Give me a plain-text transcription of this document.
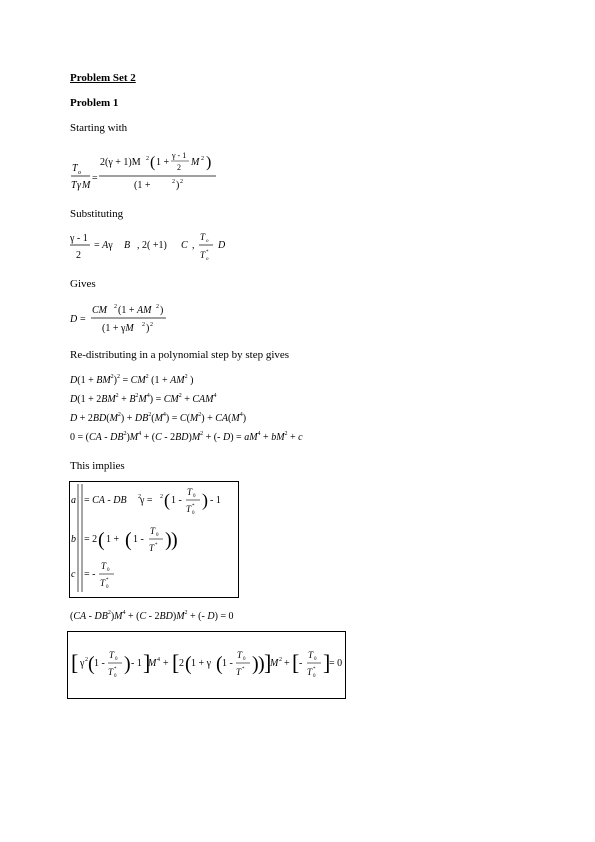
Problem Set 2
Problem 1
Starting with
T o
T γ M
=
2(γ + 1)M 2 ( 1 +
γ - 1
2 M 2 )
(1 +	2 ) 2
Substituting
γ - 1
2
= Aγ B , 2( +1) C ,
T o
T o
*
D
Gives
D =
CM 2 (1 + AM 2 )
(1 + γM 2 ) 2
Re-distributing in a polynomial step by step gives
$D(1 + BM^2)^2 = CM^2$ ($1 + AM^2$ )
$D(1 + 2BM^2 + B^2M^4) = CM^2 + CAM^4$
$D + 2BD(M^2) + DB^2(M^4) = C(M^2) + CA(M^4)$
$0 = (CA - DB^2)M^4 + (C - 2BD)M^2$ + (- $D) = aM^4 + bM^2 + c$
This implies
a = CA - DB 2 γ = 2 ( 1 -
T 0
T 0
* ) - 1
b = 2 ( 1 + ( 1 -
T 0
T * ) )
c = -
T 0
T 0
*
$(CA - DB^2)M^4 + (C - 2BD)M^2$ + (- D) = 0
[ γ 2 ( 1 -
T 0
T 0
* ) - 1 ]
M 4 + [ 2 ( 1 + γ ( 1 -
T 0
T * ) ) ]
M 2 + [ -
T 0
T 0
* ]
= 0
